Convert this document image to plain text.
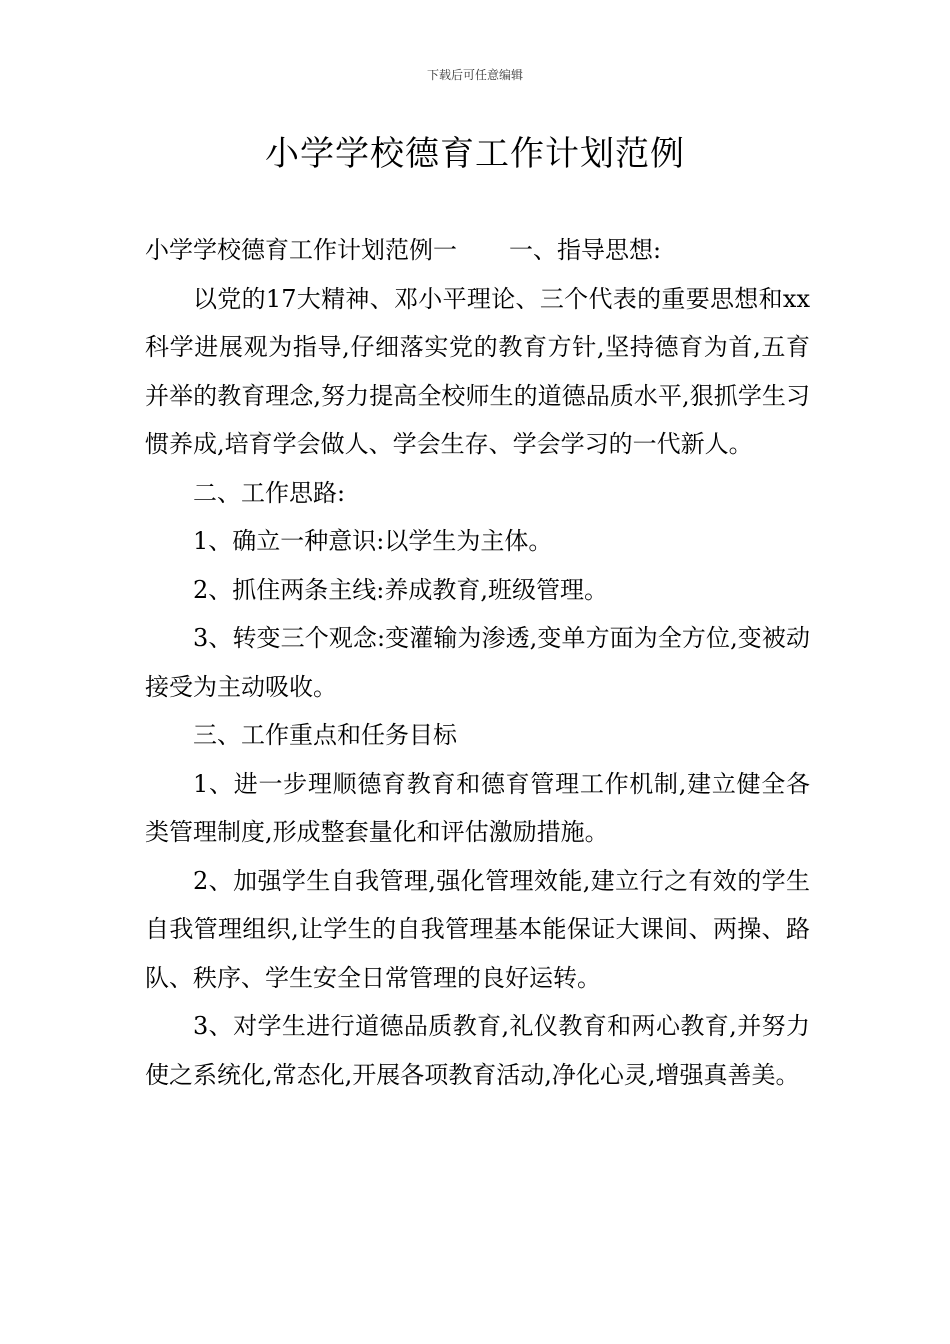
下载后可任意编辑
小学学校德育工作计划范例

小学学校德育工作计划范例一 一、指导思想:

以党的17大精神、邓小平理论、三个代表的重要思想和xx科学进展观为指导,仔细落实党的教育方针,坚持德育为首,五育并举的教育理念,努力提高全校师生的道德品质水平,狠抓学生习惯养成,培育学会做人、学会生存、学会学习的一代新人。

二、工作思路:

1、确立一种意识:以学生为主体。

2、抓住两条主线:养成教育,班级管理。

3、转变三个观念:变灌输为渗透,变单方面为全方位,变被动接受为主动吸收。

三、工作重点和任务目标

1、进一步理顺德育教育和德育管理工作机制,建立健全各类管理制度,形成整套量化和评估激励措施。

2、加强学生自我管理,强化管理效能,建立行之有效的学生自我管理组织,让学生的自我管理基本能保证大课间、两操、路队、秩序、学生安全日常管理的良好运转。

3、对学生进行道德品质教育,礼仪教育和两心教育,并努力使之系统化,常态化,开展各项教育活动,净化心灵,增强真善美。
